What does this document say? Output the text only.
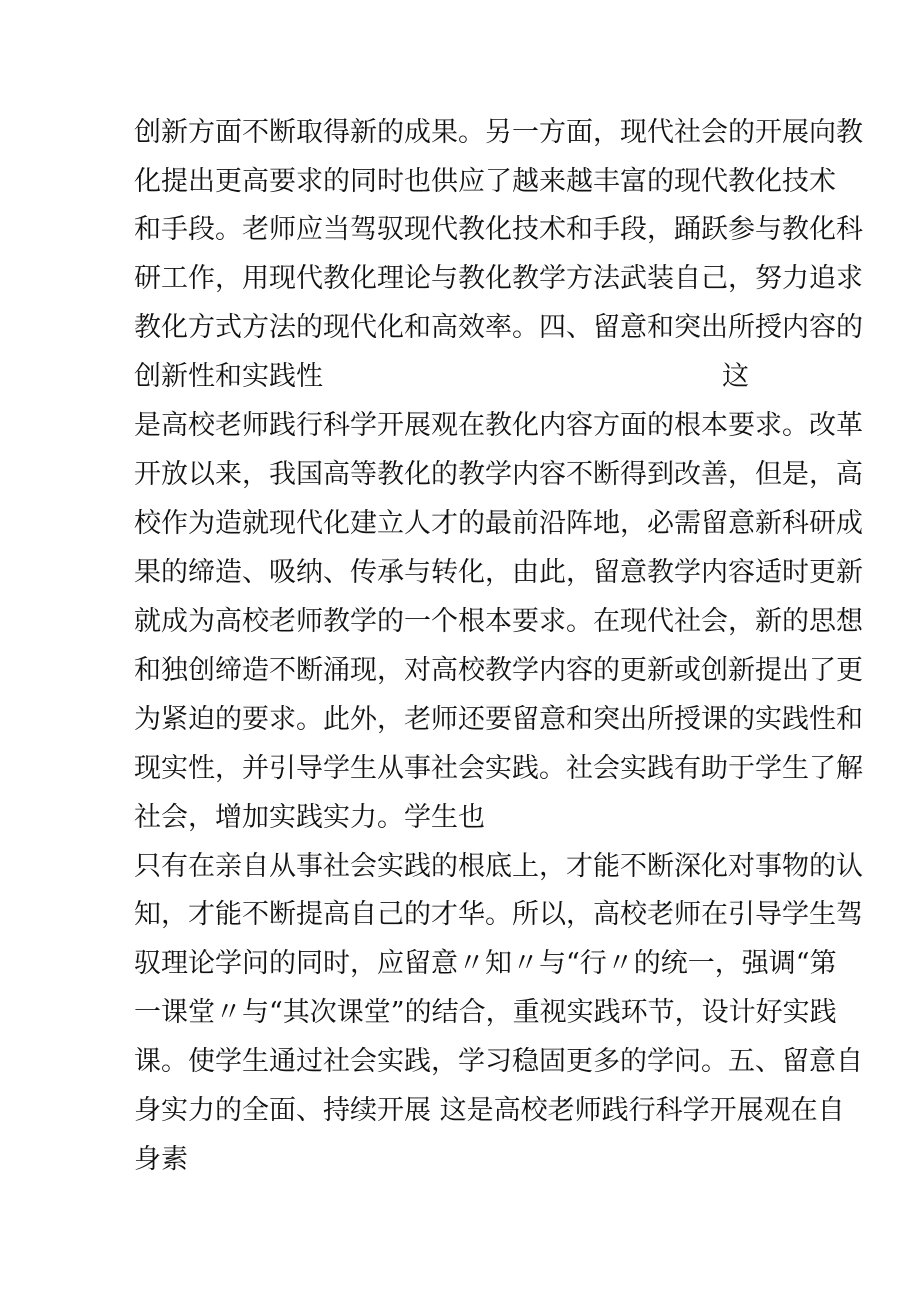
创新方面不断取得新的成果。另一方面，现代社会的开展向教

化提出更高要求的同时也供应了越来越丰富的现代教化技术

和手段。老师应当驾驭现代教化技术和手段，踊跃参与教化科

研工作，用现代教化理论与教化教学方法武装自己，努力追求

教化方式方法的现代化和高效率。四、留意和突出所授内容的

创新性和实践性	这

是高校老师践行科学开展观在教化内容方面的根本要求。改革

开放以来，我国高等教化的教学内容不断得到改善，但是，高

校作为造就现代化建立人才的最前沿阵地，必需留意新科研成

果的缔造、吸纳、传承与转化，由此，留意教学内容适时更新

就成为高校老师教学的一个根本要求。在现代社会，新的思想

和独创缔造不断涌现，对高校教学内容的更新或创新提出了更

为紧迫的要求。此外，老师还要留意和突出所授课的实践性和

现实性，并引导学生从事社会实践。社会实践有助于学生了解

社会，增加实践实力。学生也

只有在亲自从事社会实践的根底上，才能不断深化对事物的认

知，才能不断提高自己的才华。所以，高校老师在引导学生驾

驭理论学问的同时，应留意〃知〃与“行〃的统一，强调“第

一课堂〃与“其次课堂”的结合，重视实践环节，设计好实践

课。使学生通过社会实践，学习稳固更多的学问。五、留意自

身实力的全面、持续开展 这是高校老师践行科学开展观在自

身素
